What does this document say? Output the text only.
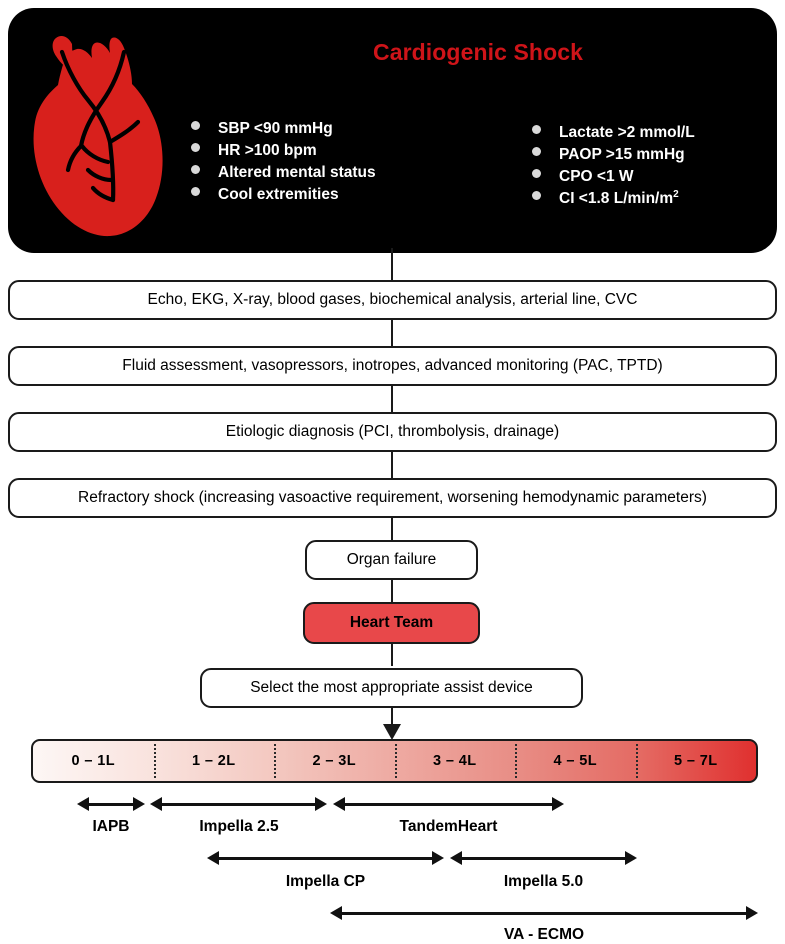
Cardiogenic Shock
SBP <90 mmHg
HR >100 bpm
Altered mental status
Cool extremities
Lactate >2 mmol/L
PAOP >15 mmHg
CPO <1 W
CI <1.8 $L/\min/m^2$
Echo, EKG, X-ray, blood gases, biochemical analysis, arterial line, CVC
Fluid assessment, vasopressors, inotropes, advanced monitoring (PAC, TPTD)
Etiologic diagnosis (PCI, thrombolysis, drainage)
Refractory shock (increasing vasoactive requirement, worsening hemodynamic parameters)
Organ failure
Heart Team
Select the most appropriate assist device
0 – 1L	1 – 2L	2 – 3L	3 – 4L	4 – 5L	5 – 7L
IAPB	Impella 2.5	TandemHeart
Impella CP	Impella 5.0
VA - ECMO
